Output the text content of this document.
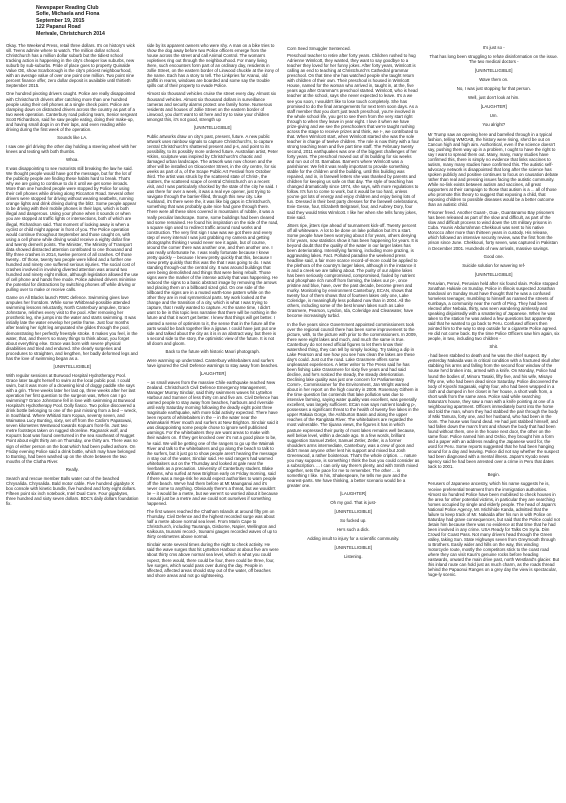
Newspaper Reading Club
Sofie, Michaela and Fiona
September 19, 2015
122 Papanui Road
Merivale, Christchurch 2014

Okay. The Weekend Press, retail three dollars. It's on history's wick sill. Teens admire where to watch. The million dollar school. Christchurch has a million dollar suburb but the tidiest school tracking action is happening in the city's cheaper low suburbs, new suburb by sub-suburbs. Pride of place goes to property Quinalde Value OE, show Scarborough is the city's priciest neighbourhood, with an average value of over one point one million. Two point nine percent finance offer, zero dollar deposit is available until thirtieth September 2015.

One hundred pivoting drivers caught. Police are really disappointed with Christchurch drivers after catching more than one hundred people using their cell phones at a single check point. Police are clamping down on distracted drivers across the country as part of a two week operation. Canterbury road policing team, Senior sergeant Scott Richardson, said he saw people eating, doing their make-up, and having small dogs in on their laps, and even reading while driving during the first week of the operation.

Sounds like LA.

I saw one girl driving the other day holding a steering wheel with her knees and texting with both thumbs.

Whoa.

It was disappointing to see motorists still breaking the law he said. We thought people would have got the message, but for the lot of the publicity people are finding these habits hard to break. That's why we are going to continue to do it until we get some inroads. More than one hundred people were stopped by Police for using their cell phones while driving along Riccarton Road. Several other drivers were stopped for driving without wearing seatbelts, running orange lights and drink driving during the blitz. Some people appear to be driving with their mobile phones in their laps, which is both illegal and dangerous. Using your phone when it sounds or when you are stopped at traffic lights or intersections, both of which are illegal, Richardson said. That moment of looking away is when a cyclist or child might appear in front of you. The Police operation would continue throughout September and those caught on, with using a cell phone while driving would receive a eighty dollar fine and twenty demerit points. The Minister, The Ministry of Transport data showed distracted attention contributed to one thousand and fifty three crashes in 2014, twelve percent of all crashes. Of those twenty.. Of those, twenty two people were killed and a further one hundred and ninety one suffered serious injuries. The social cost of crashes involved in involving diverted attention was around two hundred and ninety eight million, although legislation allowed the use of cell phone and hands free mode. Police advised drivers minimise the potential for distractions by switching phones off while driving or pulling over to make or receive calls.

Game on All Blacks launch RWC defence. Swimming gives love ampules her frontdom. While some Whitbread-possible attended swimming lessons reluctantly, North Canterbury ampulee, Grace Johnstone, relishes every visit to the pool. After removing her prosthetic leg, she jumps into the water and starts swimming. It was initially late the water envelop her petite frame. Just four months after tearing her right leg amputated she glides through the pool, demonstrating her perfectly freestyle stroke. It makes you feel, in the water, that, and there's so many things to think about, you forget about everything else. Grace was born with severe physical disabilities and tried and endured. She clearly surgeries and procedures to straighten, and lengthen, her badly deformed legs and has the love of swimming began as a.

[UNINTELLIGIBLE]

With regular sessions at Burwood Hospital Hydrotherapy Pool. Grace later taught herself to swim at the local public pool. I could swim, but it was more of a drowning kind of doggy paddle she says with a grin. Three weeks later her last op, three weeks after her last operation her first question to the surgeon was, When can I go swimming? Grace Johnstone fell in love with swimming at Burwood Hospital's Hydrotherapy Pool. Dolly fiasco. Two police discovered a drink bottle belonging to one of the pair missing from a bed -- wreck, in Southland. Where Whitiati Sam Kopua, seventy seven, and Waimatea Lucy Bunting, sixty, set off from the Catlin's Papatowai, seven kilometres Westwood towards Kopua's front-fin. Just two metre footsteps taken on rugged shoreline. Ragnarok wolf, and Kopua's boat was found overturned in the sea southeast of Nugget Point about eight thirty am on Thursday, one thirty am. There was no sign of either person on the boat which had been pulled ashore. On Friday evening Police said a drink bottle, which may have belonged to Bunting, had been washed up on the shore between the two mouths of the Clutha River.

Really.

Search and rescue member Balls water out of the beached Chrysalida. Chrysalida. Bald motor cable. Five hundred gigabyte X box console with kinetic bundle, five hundred and forty eight dollars. Fifteen point six inch notebook, Intel Dual Core. Four gigabytes, three hundred and sixty seven dollars. BDC's daily dollars foundation fix.

side by its apparent owners who were shy. A man on a bike tries to show the dog away before two Police officers emerge from the house across the street and call Animal Control. The woman's expletives ring out through the neighbourhood. For many living there, such encounters form part of an ordinary day, residents in Jollie Street, on the eastern border of Linwood chuckle at the irony of the name. Each has a story to tell. The Linkpries for Aranui, old graffiti in reams, windows are boarded and some say the trouble spills out of their property to evade Police.

Almost six thousand vehicles cruise the street every day. Almost six thousand vehicles. Almost six thousand dollars in surveillance cameras and security alarms protect one family home. Numerous residents and houses of Jollie Street on the eastern border of Linwood, you don't want to sit here and try to raise your children amongst this, it's not good, strength up

[UNINTELLIGIBLE]

Public artworks draw on city's past, present, future. A new public artwork uses rainbow signals to capture Christchurch's, to capture central Christchurch's shattered present and p-s, and point to its possibility, to its possibly more ordered future. Australian artist, Peter Atkins, sculpture was inspired by Christchurch's chaotic and damaged urban landscape. The artwork was now chosen and the other will be installed on Gloucester Street, in the city centre, for six weeks as part of a, of the Scape Public Art Festival from October third. The artist was struck by the scattered state of Christ-, the scatters, the scattered scape of central Christchurch on a recent visit, and I was particularly shocked by the state of the city he said. I was there for over a week, it was a real eye opener, just trying to navigate through the barrier-filled, through this new city. Like Auckland, it's there were the, it was like big gaps in Christchurch, something that was probably quite nice had gone through there. There were all these sites covered in mountains of rubble, it was a really peculiar landscape. Some, some buildings had been cleared and some remained. He found his inspiration on the side of the road, a square sign used to redirect traffic around road works and construction. The very first sign I saw was we got there and every step of every interval I was just grabbing my camera and getting photographs thinking I would never see it again, but of course, around the corner there was another one, and then another one. I was really unfortunate he. I was really fortunate because I knew pretty quickly -- because I knew pretty quickly that this, because I knew pretty quickly that this was the that I was going to do. I was standing through-out the central city. It was around buildings that were being demolished and things that were being rebuilt. Those signs were the marker of the intense activity that was happening. He reduced the signs to a basic abstract image by removing the arrows and placing them on a billboard sized grid. On one side of the billboard the signs are in a muted earth-tone pattern while on the other they are in real symmetrical parts. My work looked at the change and the transition of a city, which is what I was trying to capture, that I really wanted to capture. At the same time, I didn't want to be in this topic less narrative that there will be nothing in the future and that it won't get better. I knew that things will get better. I wanted a sense of optimism to it, the sense that in the future all the parts would be back together like a jigsaw. I could have just put one side and talked about the city as it is in an abstract way, but there is a second side to the story, the optimistic view of the future. It is not all doom and gloom.

Back to the future with historic Maori photograph.

Were warming up underrated. Canterbury whitebaiters and surfers have ignored the Civil Defence warnings to stay away from beaches.

[LAUGHTER]

-- as small waves from the massive Chile earthquake reached New Zealand. Christchurch Civil Defence Emergency Management, Manager Murray Sinclair, said thirty swimmers waves hit Lyttelton Harbour and Sumner of less thirty cm and five am. Civil Defence has warned people to stay away from beaches, harbours and riverside until early Saturday morning following the deadly eight point three magnitude earthquake, with more tidal activity expected. There have been reports of whitebaiters in the -- in the water near the Waimakariri River mouth and surfers at New Brighton. Sinclair said it was disappointing some people chose to ignore well publicised warnings. For the whitebaiters they are want areas to make with their waders on. If they get knocked over it's not a good place to be, he said. We will be getting one of the rangers to go up the Waimak River and talk to the whitebaiters and go along the beach to talk to the surfers, but it just go to show people aren't hearing the message in stay out of the water, Sinclair said. He said rangers had warned whitebaiters out on the Thursday and looked at gale near the riverbank as a precaution. University of Canterbury student. Blake Williams, who surfed at New Brighton early on Friday morning, said if there was a mega-risk he would expect authorities to warn people off the beach. We've had them before at Mt Maunganui and it's never come to anything. Obviously there's a threat, but we wouldn't be -- it would be a metre, but we weren't so worried about it because it would just be a metre and we could sort ourselves if something happened.

The first waves reached the Chatham Islands at around fifty pm on Thursday. Civil Defence and the highest recorded surge was about half a metre above normal sea level. From Marin Cape to Christchurch, including Tauranga, Gisborne, Napier, Wellington and Kaikoura, tsunami record-, tsunami gauges recorded waves of up to thirty centimetres above normal.

Sinclair wrote several times during the night to check activity. He said the wave surges that hit Lyttelton Harbour at about five am were about thirty cms above normal sea level, which is what you could expect, there would, there could be four, there could be three, four, five surges, which would pass over during the day. People in affected, affected areas should stay out of the water, off beaches and shore areas and not go sightseeing.

Corn Seed Smuggler Sentenced.

Preschool teacher to retire after forty years. Children rushed to hug Adrienne Wimlcott, they wanted, they want to say goodbye to a teacher they loved for her funny jokes. After forty years, Wimlcott is calling an end to teaching at Christchurch's Cathedral grammar preschool. On that time she has watched people she taught return with children of their own. Their preschool is housed in Wimlcott House, named for the woman who arrived in, taught in, at the, five years ago after Grammar's preschool started. Wimlcott, who is head teacher at the school, says she never expected to leave. It's a we see you soon, I wouldn't like to lose touch completely. She has promised to do the final arrangements for next term soon days. As a staff member that you don't just teach preschool, you're involved in the whole school life, you get to see them from the very start right through to when they leave in year eight. I love it when we have prize-giving and we see the preschoolers that we're taught rushing across the stage to receive prizes and think, we r-, we contributed to that. When Wimlcott start, when Wimlcott started she was the sole teacher in charge of twelve children. The role is now thirty with a four strong teaching team and five part time staff. The February twenty second, 2011 earthquakes was one of the biggest challenges of her forty years. The preschool moved out of its building for six weeks and run out of St. Barnabas. Barnes's where Wimlcott was a parishioner. We felt it was really important to provide something stable for the children until the building, until this building was repaired, and in, in farewell letters she was thanked by parents and children for keeping us safe on that day. The style of teaching has changed dramatically since 1974, she says, with more regulations to follow. It's fun to come to work, but it would be too hard, unless you've got lots of energy and enjoy children and enjoy being lots of fun. Dressed in their best party dresses for the farewell celebrations, Evie Gesse, four, Elizabeth Belgrasel, four, and Aubrey Dory, four said they would Miss Wimlcott. I like her when she tells funny jokes, Evie said.

Jitters ripe, jitters ripe ahead of tournament kick-off. Twenty percent off all whiteware. A lot to be done on lake pollution but it's a start. Some people have been worrying about it for years, others denying it for years, now statistics show it has been happening for years. It is beyond doubt that the quality of the water in our larger lakes has been deteriorating. Intensifying farming, including more grazing, is aggravating lakes. Fact. Polluted paradise the weekend press headline said, a fair more scarce record-of-more could be applied to the plethora of the country's larger lakes, although in the instance it is and a creek we are talking about. The purity of our alpine lakes has been seriously compromised, compromised, fouled by nutrient and phosphate rich runoff from farming, the lakes our pr-, once pristine and blue, have, over the past decade, become green and murky. Monitoring by environment Canterbury, ECAN, shows that twenty four of them shows that of fourteen lakes only one, Lake Coleridge, is meaningfully less polluted now than in 2004. All the others, including some of the best known lakes such as Lake Grasmere, Pearson, Lyndon, Ida, Coleridge and Clearwater, have become increasingly turbid.

In the five years since Government appointed commissioners took over the regional council there has been some improvement to the picture, with, to the picture with prior to the commissioners. In 2009, there were eight lakes and much, and much the same is true. Canterbury do not need official figures to let them know their watershed thing, they can tell by simply looking. Try taking a dip in Lake Pearson and see how you see how clean the lakes are these day's could. Just cut the road. Lake Grasmere offers some unpleasant experiences. A letter writer to The Press said he has been fishing Lake Grassmere for sixty five years and had said decline, and he's noticed the steady, the steady deterioration. Declining lake quality was just one concern for Parliamentary Comm-, Commissioner for the Environment, Jan Wright warned about in her report on the high country in 2009. Rosemary Githem in the time question fan contends that lake pollution was due to intensive farming, saying water quality was excellent, was generally excellent, was largely sufficient. ECan now says nutrient loading p-, possesses a significant threat to the health of twenty five lakes in the upper Rakaia Gorge, the Ashburton Basin and along the upper reaches of the Rangitata River. The whitebaiters are regarded the most vulnerable. The tijuana views, the figures it has in which pasture expressed their purity of most lakes remains well because, well below level, within a decade ago. In a few words, brilliant suggestion Samuel Zetler, Samuel Zetler, Zetler, is a former shoulders arms intermediate, Canterbury, was a crew of goon and didn't mean anyone other lent his support and mixed but Josh Greenwood, a rather boisterous. That's the whole cription. ... nature you may suppose, is something I think the bus you could consider as a subscription. ... I can only say there's plenty, and with Smith mixed together, sets the pace for me to remember. The other ... is something I like. In his, Shakespeare, he tells me pure and the nearest-parts. We have thinking, a better scenario would be a greater one.

[LAUGHTER]

Oh my god. That is just-

[UNINTELLIGIBLE]

So fucked up.

He's such a dick.

Adding insult to injury for a scientific community.

[UNINTELLIGIBLE]

Listening.

It's just so -

That has long been struggling to refute disinformation on the issue. The two medical doctors -

[UNINTELLIGIBLE]

Wave them on.

No, I was just stopping for that person.

Well, just don't look at him.

[LAUGHTER]

Um.

You alright?

Mr Trump saw an opening here and barrelled through in a typical fashion, telling WMGAB, the history were rising, she'd be out on Cancun high and high aim. Authoritical, even if the science doesn't say, pushing them way up in a problem, I ought to have the right to say I want to spread them out. Many, many, many studies have confirmed this, there is simply no evidence that links vaccines to autism, many many studies have confirmed this. The autistic self-advocacy network is disappointed that long after the science has spoken publicly and positive continues to focus on causation debate rather than real and pressing issues facing the autistic community. While no-link exists between autism and vaccines, all great supporters at their campaign to those that autism is a ... all of those who promote this theory to suggest that exposing a child, that exposing children to possible diseases would be a better outcome than an autistic child.

Prisoner freed. Another Guant-, Gua-, Guantanamo Bay prisoners has been released as part of the slow and difficult, as part of the slow and difficult process to wind down the US military prisons in Cuba. Younis Abdurrahman Chekkouri was sent to his native Morocco after more than thirteen years in custody. His release, which followed an intensive security review, was the first from the prison since June. Chekkouri, forty seven, was captured in Pakistan in December 2001. Hundreds of new arrivals, massive savings.

Good one.

Suicide solution for wavering ref-

[UNINTELLIGIBLE]

Peruvian, Peruvi, Peruvian held after six found slain. Police stopped Jonathan Hukiale on Sunday. Police in Illinois suspected Jonathan Sandoval on Sunday must have thought that he was a confused homeless teenager, mumbling to himself as roamed the streets of Kumbaya, a community near the north of Ping. They had been elected after Nebaia, thirty, was seen wandering aimlessly and speaking disjointedly with a smattering of Japanese. When he was taken to the station he was asked a few questions but apparently said that he wanted to go back to Peru. Confused officers then pointed him to the way to step outside for a cigarette Police agreed. He did not come back. By the time Police Officers saw him again, six people, in two, including two children -

Shit.

- had been stabbed to death and he was the chief suspect. By yesterday Nakaida was in critical condition with a fractured skull after stabbing his arms and falling from the second floor window of the house he'd broken into, armed with a knife. On Monday, Police had found the bodies of, Minoru Tasaki, fifty five, and his wife, Misayo Fifty one, who had been dead since Saturday. Police discovered the body of Kiyoshi Sagasaki, eighty four, who had been wrapped in a cloth and dumped in her closet in her house, a short walk from, a short walk from the same area. Police said while searching Saturuta's house, they saw a man with a knife pointing at one of a neighbouring apartment. Officers immediately burst into the home and told the man, whom they had stabbed the pair through the body of Miki Tamura, forty one, and her husband, who had been in the room. The house was found dead. He had just stabbed himself, and had fallen down the man's front and shown the body that had been found without them, one in the house next door, the other on the same floor. Police named him and Oshio, they brought him a form and a paper with an address reading the Japanese word for, the word for Peru. Some reports suggested that he had been hanging around for a day and leaving. Police did not say whether the suspect had been diagnosed with a mental illness. Japan's Kyodo news agency said he had been arrested over a crime in Peru that dates back to 2001.

Begin.

Perusers of Japanese ancestry, which his name suggests he is, receive preferential treatment from the immigration authorities. Almost six hundred Police have been mobilised to check houses in the area for other potential victims, in particular they are searching homes occupied by single and elderly people. The head of Japan's National Police Agency, Mr. Michihide Kanda, admitted that the failure to keep track of Mr. Nakaida after his run in with Police on Saturday had grave consequences, but said that the Police could not detain him because there was no evidence at that time that he had been involved in any crime. USA Ready for Talks On Syria. Dim Crowd for Coast Pass. Not many drivers head through the Green Valley, taking Sun. State Highways seven from Greymouth through to Brothers. Easily wider and hills on the way, this winding motorcycle route, mostly the competitors stick to the coast road where they can visit Kauri's genuine rocks before heading eastwards, onward the main drive past, north Westland's glacier. But this inland route can hold just as much charm, as the roads thread behind the Papaonui Ranges on a grey day the view is spectacular, huge-ly scenic.
